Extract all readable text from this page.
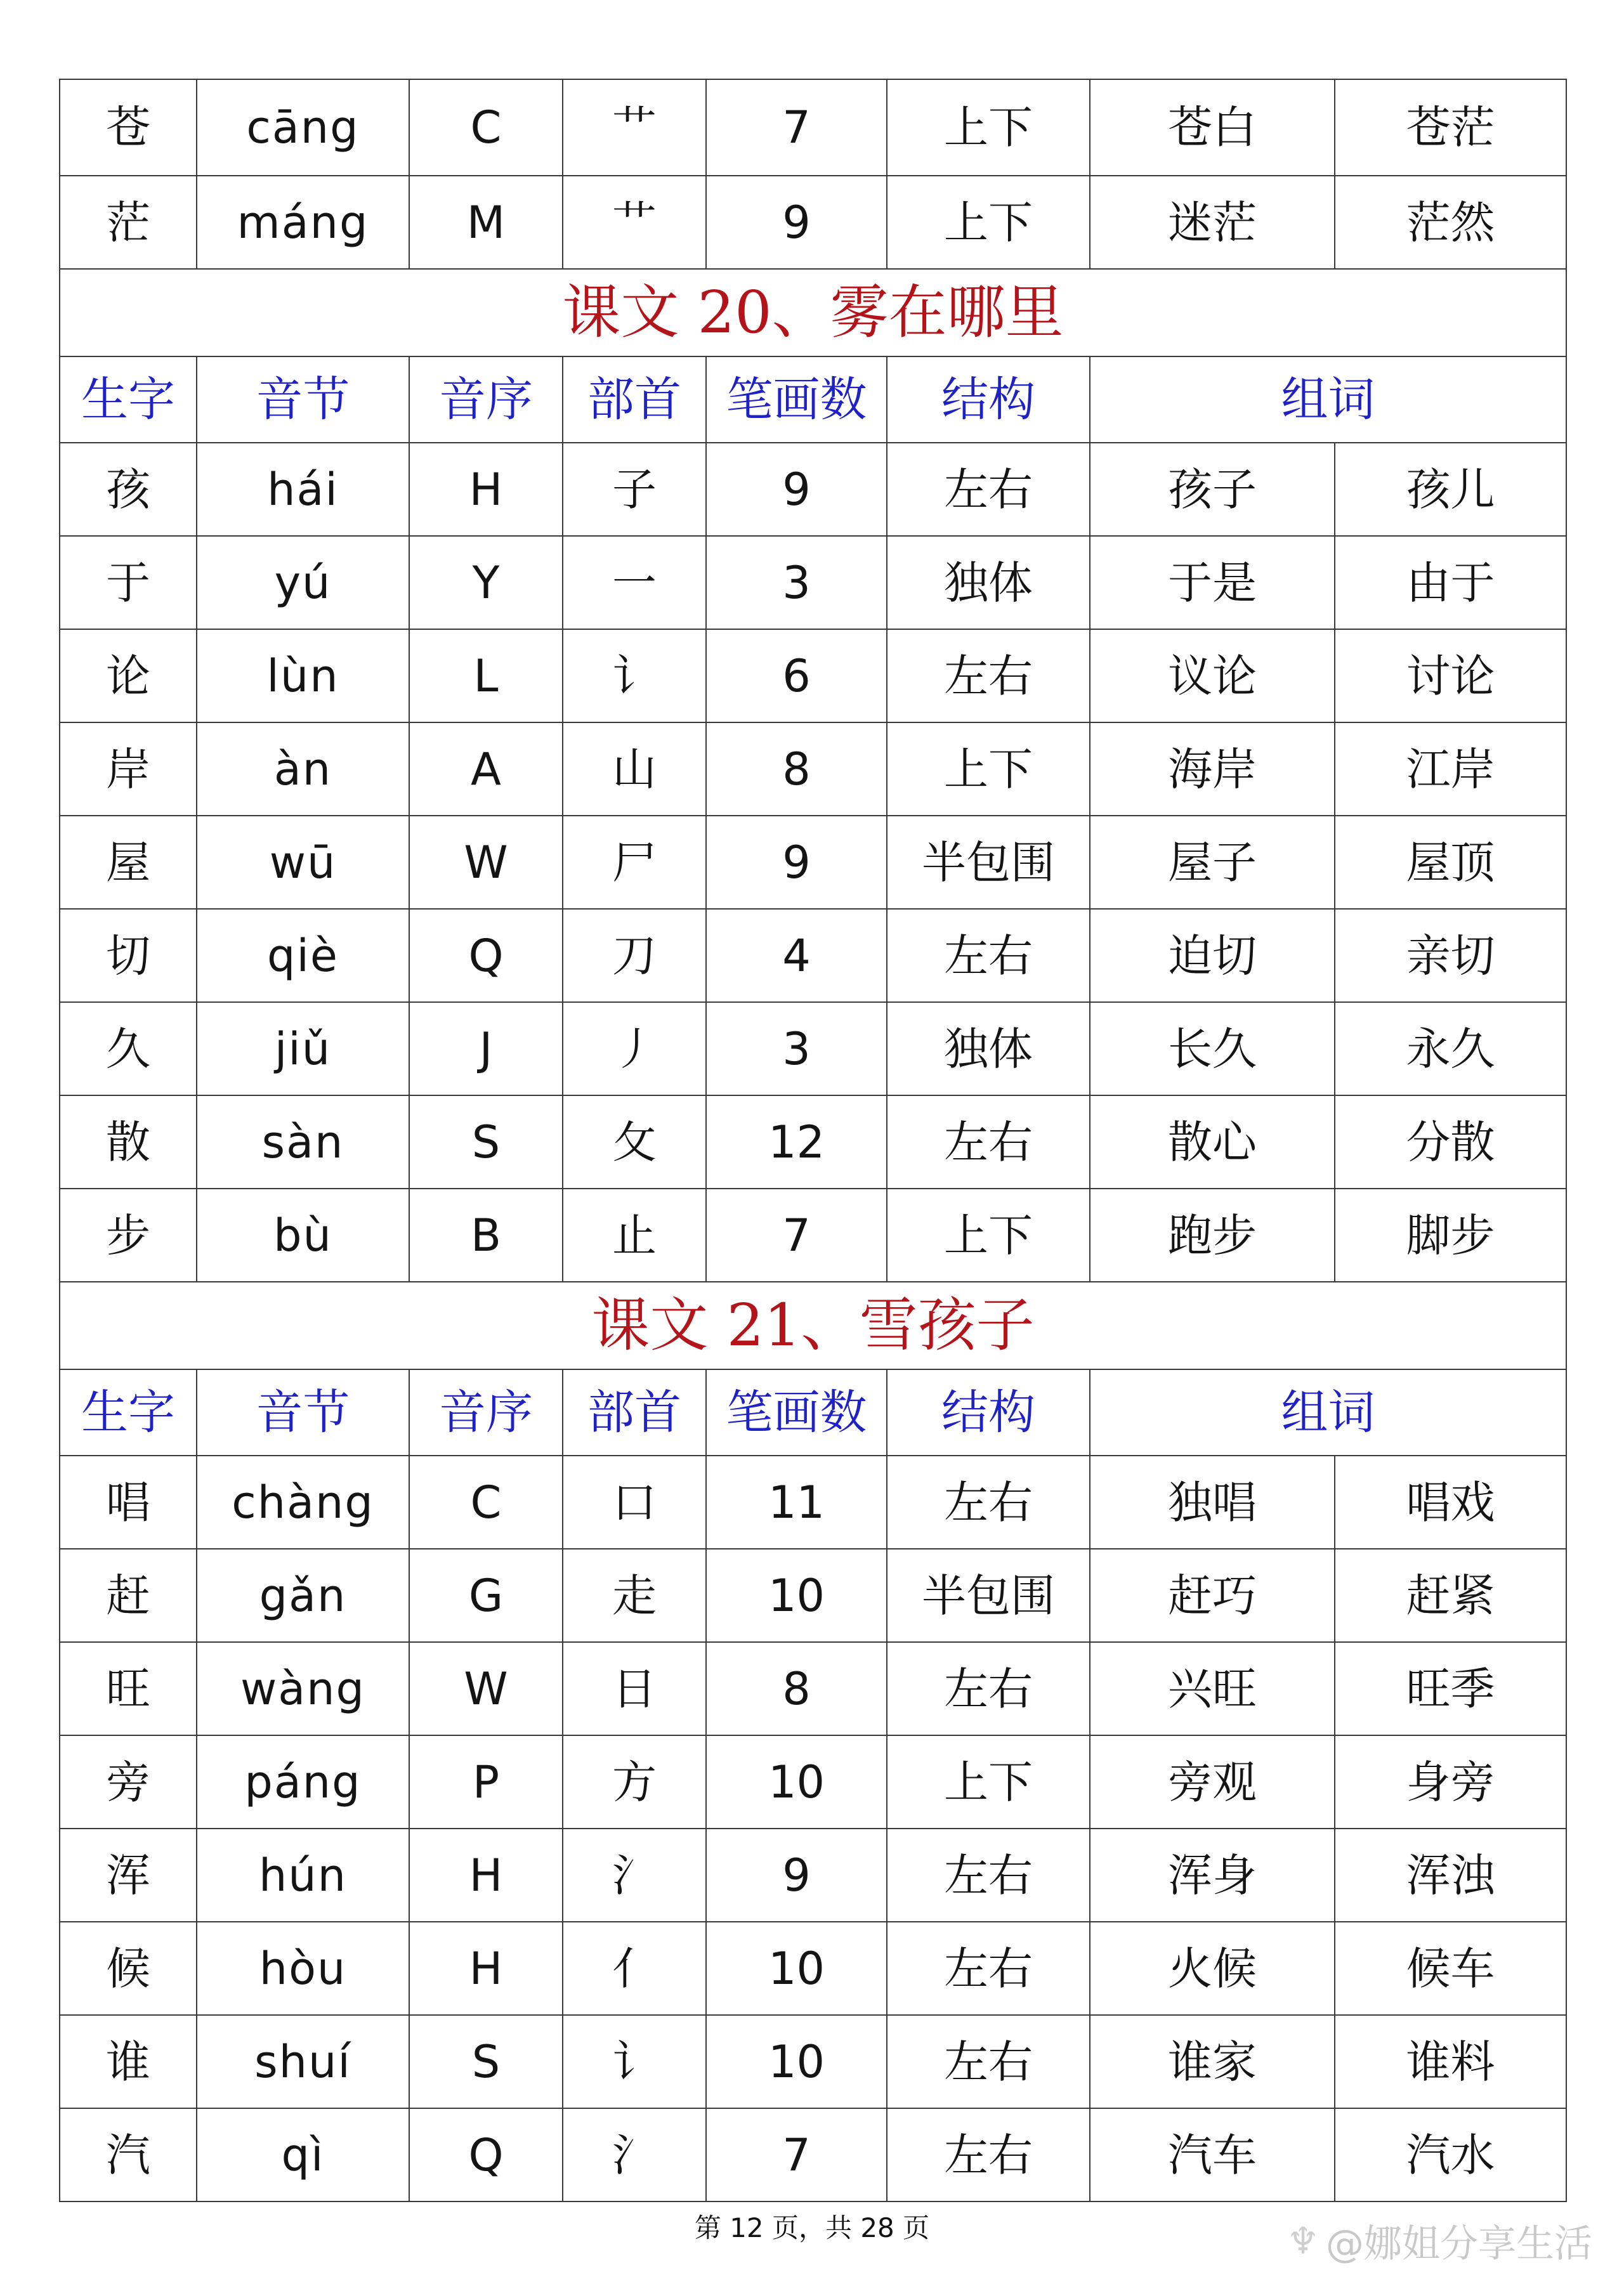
苍	cāng	C	艹	7	上下	苍白	苍茫
茫	máng	M	艹	9	上下	迷茫	茫然
课文 20、雾在哪里							
生字	音节	音序	部首	笔画数	结构	组词	
孩	hái	H	子	9	左右	孩子	孩儿
于	yú	Y	一	3	独体	于是	由于
论	lùn	L	讠	6	左右	议论	讨论
岸	àn	A	山	8	上下	海岸	江岸
屋	wū	W	尸	9	半包围	屋子	屋顶
切	qiè	Q	刀	4	左右	迫切	亲切
久	jiǔ	J	丿	3	独体	长久	永久
散	sàn	S	攵	12	左右	散心	分散
步	bù	B	止	7	上下	跑步	脚步
课文 21、雪孩子							
生字	音节	音序	部首	笔画数	结构	组词	
唱	chàng	C	口	11	左右	独唱	唱戏
赶	gǎn	G	走	10	半包围	赶巧	赶紧
旺	wàng	W	日	8	左右	兴旺	旺季
旁	páng	P	方	10	上下	旁观	身旁
浑	hún	H	氵	9	左右	浑身	浑浊
候	hòu	H	亻	10	左右	火候	候车
谁	shuí	S	讠	10	左右	谁家	谁料
汽	qì	Q	氵	7	左右	汽车	汽水
第 12 页，共 28 页	♆ @娜姐分享生活
